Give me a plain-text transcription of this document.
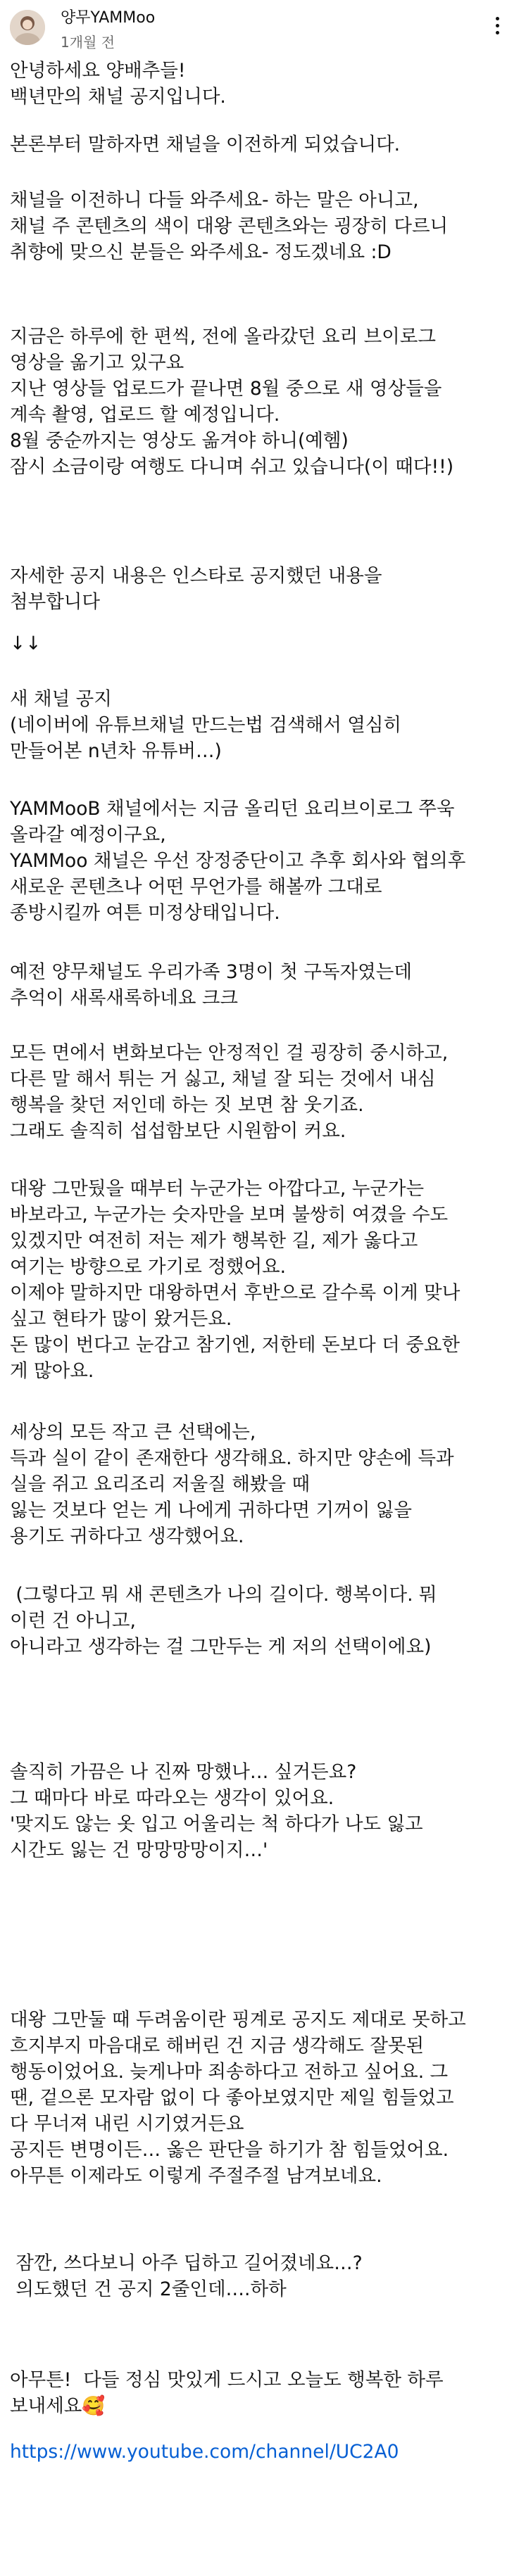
양무YAMMoo
1개월 전

안녕하세요 양배추들!
백년만의 채널 공지입니다.

본론부터 말하자면 채널을 이전하게 되었습니다.

채널을 이전하니 다들 와주세요- 하는 말은 아니고,
채널 주 콘텐츠의 색이 대왕 콘텐츠와는 굉장히 다르니
취향에 맞으신 분들은 와주세요- 정도겠네요 :D

지금은 하루에 한 편씩, 전에 올라갔던 요리 브이로그
영상을 옮기고 있구요
지난 영상들 업로드가 끝나면 8월 중으로 새 영상들을
계속 촬영, 업로드 할 예정입니다.
8월 중순까지는 영상도 옮겨야 하니(예헴)
잠시 소금이랑 여행도 다니며 쉬고 있습니다(이 때다!!)

자세한 공지 내용은 인스타로 공지했던 내용을
첨부합니다

↓↓

새 채널 공지
(네이버에 유튜브채널 만드는법 검색해서 열심히
만들어본 n년차 유튜버…)

YAMMooB 채널에서는 지금 올리던 요리브이로그 쭈욱
올라갈 예정이구요,
YAMMoo 채널은 우선 장정중단이고 추후 회사와 협의후
새로운 콘텐츠나 어떤 무언가를 해볼까 그대로
종방시킬까 여튼 미정상태입니다.

예전 양무채널도 우리가족 3명이 첫 구독자였는데
추억이 새록새록하네요 크크

모든 면에서 변화보다는 안정적인 걸 굉장히 중시하고,
다른 말 해서 튀는 거 싫고, 채널 잘 되는 것에서 내심
행복을 찾던 저인데 하는 짓 보면 참 웃기죠.
그래도 솔직히 섭섭함보단 시원함이 커요.

대왕 그만뒀을 때부터 누군가는 아깝다고, 누군가는
바보라고, 누군가는 숫자만을 보며 불쌍히 여겼을 수도
있겠지만 여전히 저는 제가 행복한 길, 제가 옳다고
여기는 방향으로 가기로 정했어요.
이제야 말하지만 대왕하면서 후반으로 갈수록 이게 맞나
싶고 현타가 많이 왔거든요.
돈 많이 번다고 눈감고 참기엔, 저한테 돈보다 더 중요한
게 많아요.

세상의 모든 작고 큰 선택에는,
득과 실이 같이 존재한다 생각해요. 하지만 양손에 득과
실을 쥐고 요리조리 저울질 해봤을 때
잃는 것보다 얻는 게 나에게 귀하다면 기꺼이 잃을
용기도 귀하다고 생각했어요.

(그렇다고 뭐 새 콘텐츠가 나의 길이다. 행복이다. 뭐
이런 건 아니고,
아니라고 생각하는 걸 그만두는 게 저의 선택이에요)

솔직히 가끔은 나 진짜 망했나… 싶거든요?
그 때마다 바로 따라오는 생각이 있어요.
'맞지도 않는 옷 입고 어울리는 척 하다가 나도 잃고
시간도 잃는 건 망망망망이지…'

대왕 그만둘 때 두려움이란 핑계로 공지도 제대로 못하고
흐지부지 마음대로 해버린 건 지금 생각해도 잘못된
행동이었어요. 늦게나마 죄송하다고 전하고 싶어요. 그
땐, 겉으론 모자람 없이 다 좋아보였지만 제일 힘들었고
다 무너져 내린 시기였거든요
공지든 변명이든… 옳은 판단을 하기가 참 힘들었어요.
아무튼 이제라도 이렇게 주절주절 남겨보네요.

잠깐, 쓰다보니 아주 딥하고 길어졌네요…?
의도했던 건 공지 2줄인데….하하

아무튼!  다들 정심 맛있게 드시고 오늘도 행복한 하루
보내세요🥰

https://www.youtube.com/channel/UC2A0
